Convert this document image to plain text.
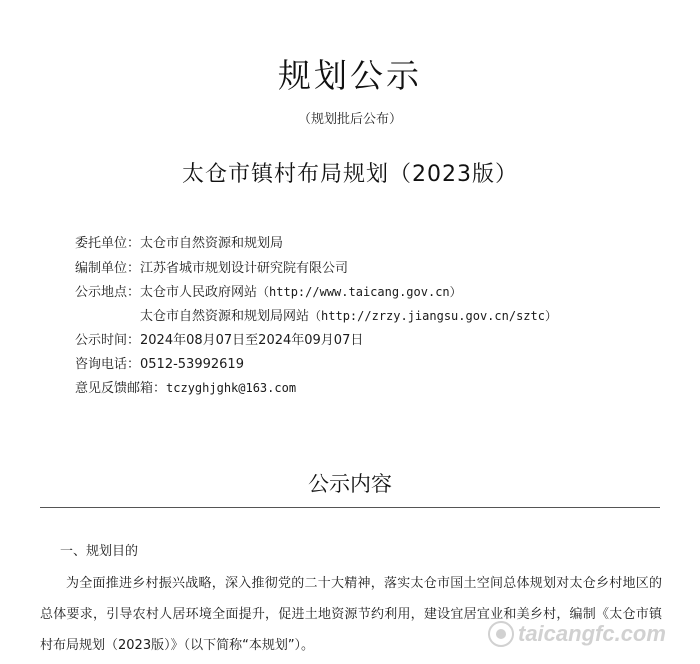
规划公示
（规划批后公布）
太仓市镇村布局规划（2023版）
委托单位：太仓市自然资源和规划局
编制单位：江苏省城市规划设计研究院有限公司
公示地点：太仓市人民政府网站（http://www.taicang.gov.cn）
太仓市自然资源和规划局网站（http://zrzy.jiangsu.gov.cn/sztc）
公示时间：2024年08月07日至2024年09月07日
咨询电话：0512-53992619
意见反馈邮箱：tczyghjghk@163.com
公示内容
一、规划目的
为全面推进乡村振兴战略，深入推彻党的二十大精神，落实太仓市国土空间总体规划对太仓乡村地区的总体要求，引导农村人居环境全面提升，促进土地资源节约利用，建设宜居宜业和美乡村，编制《太仓市镇村布局规划（2023版）》（以下简称“本规划”）。	taicangfc.com
